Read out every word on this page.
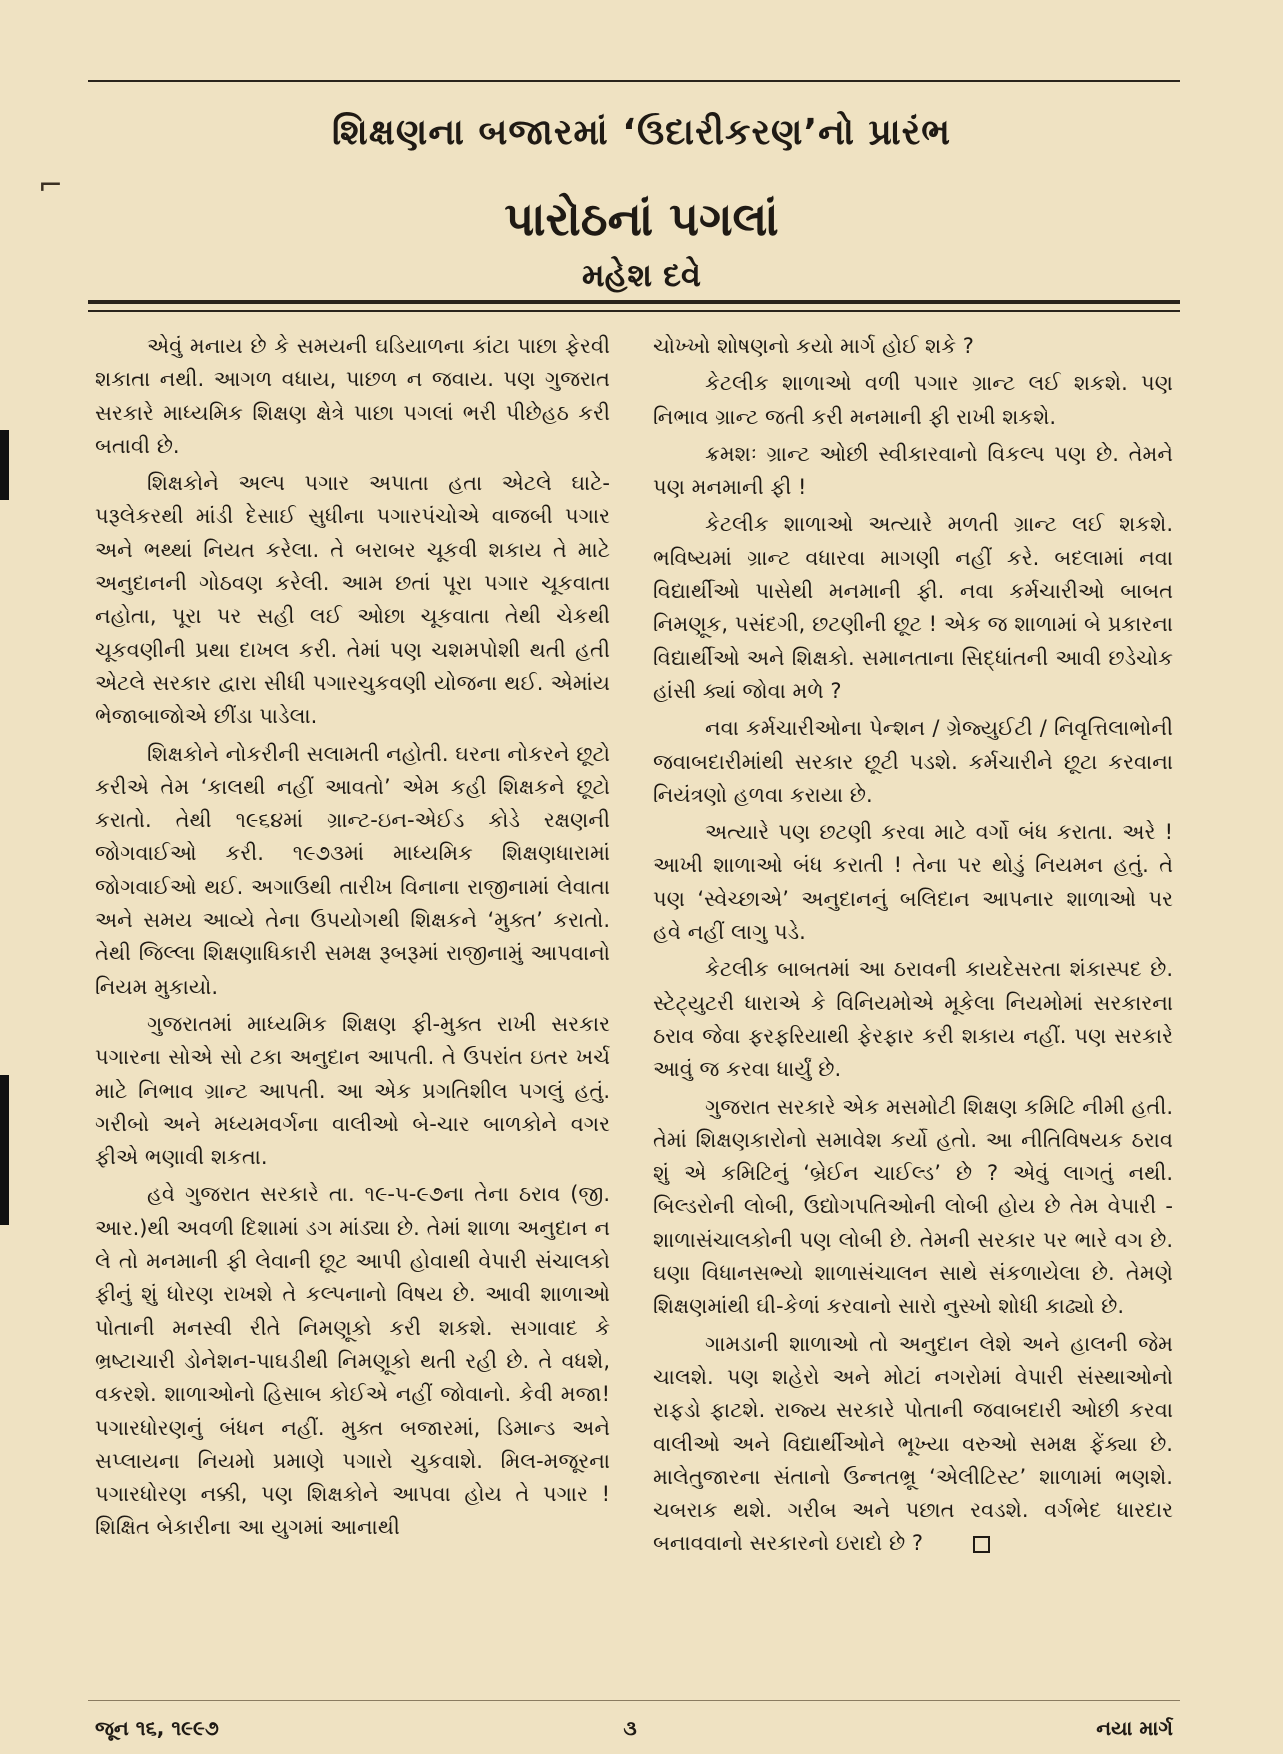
શિક્ષણના બજારમાં ‘ઉદારીકરણ’નો પ્રારંભ
⌐
પારોઠનાં પગલાં
મહેશ દવે

એવું મનાય છે કે સમયની ઘડિયાળના કાંટા પાછા ફેરવી શકાતા નથી. આગળ વધાય, પાછળ ન જવાય. પણ ગુજરાત સરકારે માધ્યમિક શિક્ષણ ક્ષેત્રે પાછા પગલાં ભરી પીછેહઠ કરી બતાવી છે.

શિક્ષકોને અલ્પ પગાર અપાતા હતા એટલે ઘાટે-પરૂલેકરથી માંડી દેસાઈ સુધીના પગારપંચોએ વાજબી પગાર અને ભથ્થાં નિયત કરેલા. તે બરાબર ચૂકવી શકાય તે માટે અનુદાનની ગોઠવણ કરેલી. આમ છતાં પૂરા પગાર ચૂકવાતા નહોતા, પૂરા પર સહી લઈ ઓછા ચૂકવાતા તેથી ચેકથી ચૂકવણીની પ્રથા દાખલ કરી. તેમાં પણ ચશમપોશી થતી હતી એટલે સરકાર દ્વારા સીધી પગારચુકવણી યોજના થઈ. એમાંય ભેજાબાજોએ છીંડા પાડેલા.

શિક્ષકોને નોકરીની સલામતી નહોતી. ઘરના નોકરને છૂટો કરીએ તેમ ‘કાલથી નહીં આવતો’ એમ કહી શિક્ષકને છૂટો કરાતો. તેથી ૧૯૬૪માં ગ્રાન્ટ-ઇન-એઈડ કોડે રક્ષણની જોગવાઈઓ કરી. ૧૯૭૩માં માધ્યમિક શિક્ષણધારામાં જોગવાઈઓ થઈ. અગાઉથી તારીખ વિનાના રાજીનામાં લેવાતા અને સમય આવ્યે તેના ઉપયોગથી શિક્ષકને ‘મુક્ત’ કરાતો. તેથી જિલ્લા શિક્ષણાધિકારી સમક્ષ રૂબરૂમાં રાજીનામું આપવાનો નિયમ મુકાયો.

ગુજરાતમાં માધ્યમિક શિક્ષણ ફી-મુક્ત રાખી સરકાર પગારના સોએ સો ટકા અનુદાન આપતી. તે ઉપરાંત ઇતર ખર્ચ માટે નિભાવ ગ્રાન્ટ આપતી. આ એક પ્રગતિશીલ પગલું હતું. ગરીબો અને મધ્યમવર્ગના વાલીઓ બે-ચાર બાળકોને વગર ફીએ ભણાવી શકતા.

હવે ગુજરાત સરકારે તા. ૧૯-૫-૯૭ના તેના ઠરાવ (જી. આર.)થી અવળી દિશામાં ડગ માંડ્યા છે. તેમાં શાળા અનુદાન ન લે તો મનમાની ફી લેવાની છૂટ આપી હોવાથી વેપારી સંચાલકો ફીનું શું ધોરણ રાખશે તે કલ્પનાનો વિષય છે. આવી શાળાઓ પોતાની મનસ્વી રીતે નિમણૂકો કરી શકશે. સગાવાદ કે ભ્રષ્ટાચારી ડોનેશન-પાઘડીથી નિમણૂકો થતી રહી છે. તે વધશે, વકરશે. શાળાઓનો હિસાબ કોઈએ નહીં જોવાનો. કેવી મજા! પગારધોરણનું બંધન નહીં. મુક્ત બજારમાં, ડિમાન્ડ અને સપ્લાયના નિયમો પ્રમાણે પગારો ચુકવાશે. મિલ-મજૂરના પગારધોરણ નક્કી, પણ શિક્ષકોને આપવા હોય તે પગાર ! શિક્ષિત બેકારીના આ યુગમાં આનાથી

ચોખ્ખો શોષણનો કયો માર્ગ હોઈ શકે ?

કેટલીક શાળાઓ વળી પગાર ગ્રાન્ટ લઈ શકશે. પણ નિભાવ ગ્રાન્ટ જતી કરી મનમાની ફી રાખી શકશે.

ક્રમશઃ ગ્રાન્ટ ઓછી સ્વીકારવાનો વિકલ્પ પણ છે. તેમને પણ મનમાની ફી !

કેટલીક શાળાઓ અત્યારે મળતી ગ્રાન્ટ લઈ શકશે. ભવિષ્યમાં ગ્રાન્ટ વધારવા માગણી નહીં કરે. બદલામાં નવા વિદ્યાર્થીઓ પાસેથી મનમાની ફી. નવા કર્મચારીઓ બાબત નિમણૂક, પસંદગી, છટણીની છૂટ ! એક જ શાળામાં બે પ્રકારના વિદ્યાર્થીઓ અને શિક્ષકો. સમાનતાના સિદ્ધાંતની આવી છડેચોક હાંસી ક્યાં જોવા મળે ?

નવા કર્મચારીઓના પેન્શન / ગ્રેજ્યુઈટી / નિવૃત્તિલાભોની જવાબદારીમાંથી સરકાર છૂટી પડશે. કર્મચારીને છૂટા કરવાના નિયંત્રણો હળવા કરાયા છે.

અત્યારે પણ છટણી કરવા માટે વર્ગો બંધ કરાતા. અરે ! આખી શાળાઓ બંધ કરાતી ! તેના પર થોડું નિયમન હતું. તે પણ ‘સ્વેચ્છાએ’ અનુદાનનું બલિદાન આપનાર શાળાઓ પર હવે નહીં લાગુ પડે.

કેટલીક બાબતમાં આ ઠરાવની કાયદેસરતા શંકાસ્પદ છે. સ્ટેટ્યુટરી ધારાએ કે વિનિયમોએ મૂકેલા નિયમોમાં સરકારના ઠરાવ જેવા ફરફરિયાથી ફેરફાર કરી શકાય નહીં. પણ સરકારે આવું જ કરવા ધાર્યું છે.

ગુજરાત સરકારે એક મસમોટી શિક્ષણ કમિટિ નીમી હતી. તેમાં શિક્ષણકારોનો સમાવેશ કર્યો હતો. આ નીતિવિષયક ઠરાવ શું એ કમિટિનું ‘બ્રેઈન ચાઈલ્ડ’ છે ? એવું લાગતું નથી. બિલ્ડરોની લોબી, ઉદ્યોગપતિઓની લોબી હોય છે તેમ વેપારી - શાળાસંચાલકોની પણ લોબી છે. તેમની સરકાર પર ભારે વગ છે. ઘણા વિધાનસભ્યો શાળાસંચાલન સાથે સંકળાયેલા છે. તેમણે શિક્ષણમાંથી ઘી-કેળાં કરવાનો સારો નુસ્ખો શોધી કાઢ્યો છે.

ગામડાની શાળાઓ તો અનુદાન લેશે અને હાલની જેમ ચાલશે. પણ શહેરો અને મોટાં નગરોમાં વેપારી સંસ્થાઓનો રાફડો ફાટશે. રાજ્ય સરકારે પોતાની જવાબદારી ઓછી કરવા વાલીઓ અને વિદ્યાર્થીઓને ભૂખ્યા વરુઓ સમક્ષ ફેંક્યા છે. માલેતુજારના સંતાનો ઉન્નતભ્રૂ ‘એલીટિસ્ટ’ શાળામાં ભણશે. ચબરાક થશે. ગરીબ અને પછાત રવડશે. વર્ગભેદ ધારદાર બનાવવાનો સરકારનો ઇરાદો છે ?

જૂન ૧૬, ૧૯૯૭	૩	નયા માર્ગ
